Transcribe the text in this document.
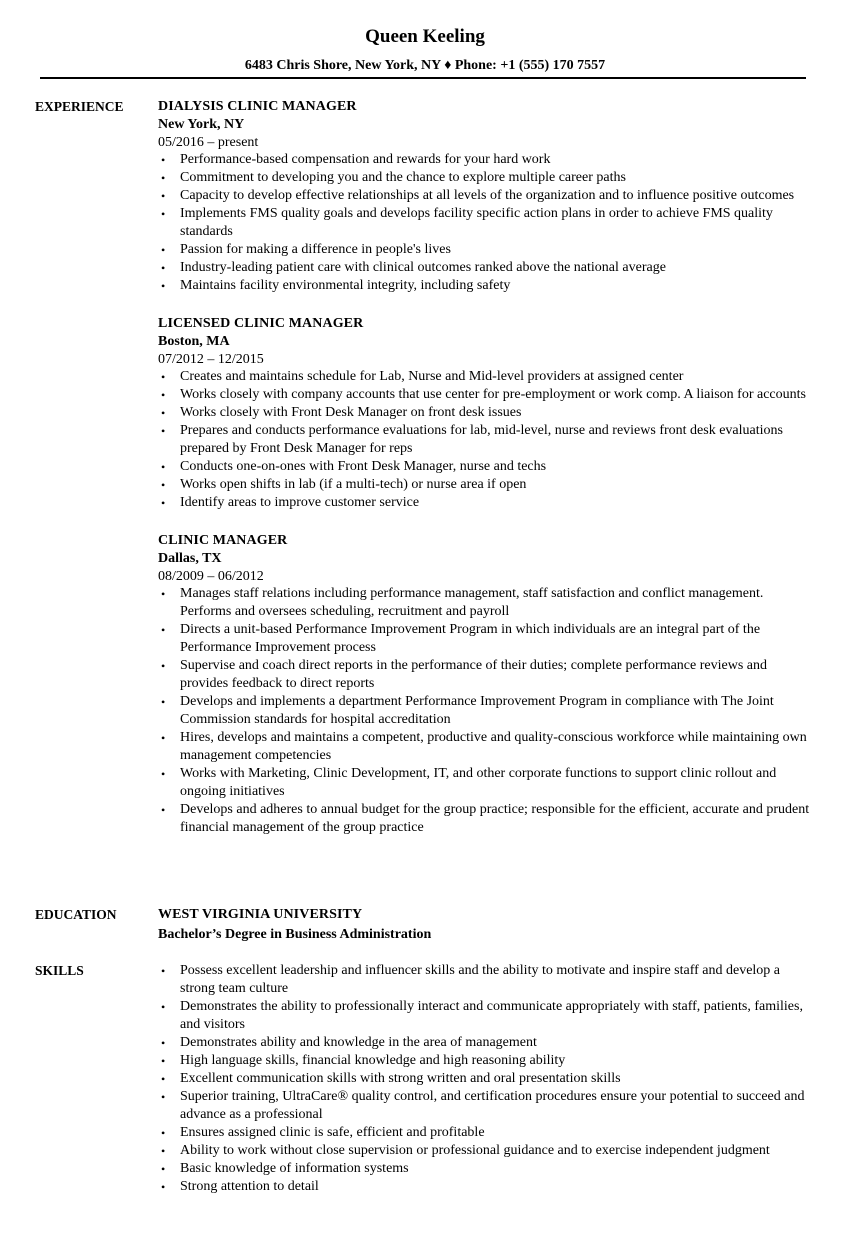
Queen Keeling
6483 Chris Shore, New York, NY ♦ Phone: +1 (555) 170 7557
EXPERIENCE DIALYSIS CLINIC MANAGER
New York, NY
05/2016 – present
• Performance-based compensation and rewards for your hard work
• Commitment to developing you and the chance to explore multiple career paths
• Capacity to develop effective relationships at all levels of the organization and to influence positive outcomes
• Implements FMS quality goals and develops facility specific action plans in order to achieve FMS quality standards
• Passion for making a difference in people's lives
• Industry-leading patient care with clinical outcomes ranked above the national average
• Maintains facility environmental integrity, including safety
LICENSED CLINIC MANAGER
Boston, MA
07/2012 – 12/2015
• Creates and maintains schedule for Lab, Nurse and Mid-level providers at assigned center
• Works closely with company accounts that use center for pre-employment or work comp. A liaison for accounts
• Works closely with Front Desk Manager on front desk issues
• Prepares and conducts performance evaluations for lab, mid-level, nurse and reviews front desk evaluations prepared by Front Desk Manager for reps
• Conducts one-on-ones with Front Desk Manager, nurse and techs
• Works open shifts in lab (if a multi-tech) or nurse area if open
• Identify areas to improve customer service
CLINIC MANAGER
Dallas, TX
08/2009 – 06/2012
• Manages staff relations including performance management, staff satisfaction and conflict management. Performs and oversees scheduling, recruitment and payroll
• Directs a unit-based Performance Improvement Program in which individuals are an integral part of the Performance Improvement process
• Supervise and coach direct reports in the performance of their duties; complete performance reviews and provides feedback to direct reports
• Develops and implements a department Performance Improvement Program in compliance with The Joint Commission standards for hospital accreditation
• Hires, develops and maintains a competent, productive and quality-conscious workforce while maintaining own management competencies
• Works with Marketing, Clinic Development, IT, and other corporate functions to support clinic rollout and ongoing initiatives
• Develops and adheres to annual budget for the group practice; responsible for the efficient, accurate and prudent financial management of the group practice
EDUCATION	WEST VIRGINIA UNIVERSITY
Bachelor’s Degree in Business Administration
SKILLS
•	Possess excellent leadership and influencer skills and the ability to motivate and inspire staff and develop a strong team culture
• Demonstrates the ability to professionally interact and communicate appropriately with staff, patients, families, and visitors
• Demonstrates ability and knowledge in the area of management
• High language skills, financial knowledge and high reasoning ability
• Excellent communication skills with strong written and oral presentation skills
• Superior training, UltraCare® quality control, and certification procedures ensure your potential to succeed and advance as a professional
• Ensures assigned clinic is safe, efficient and profitable
• Ability to work without close supervision or professional guidance and to exercise independent judgment
• Basic knowledge of information systems
• Strong attention to detail
